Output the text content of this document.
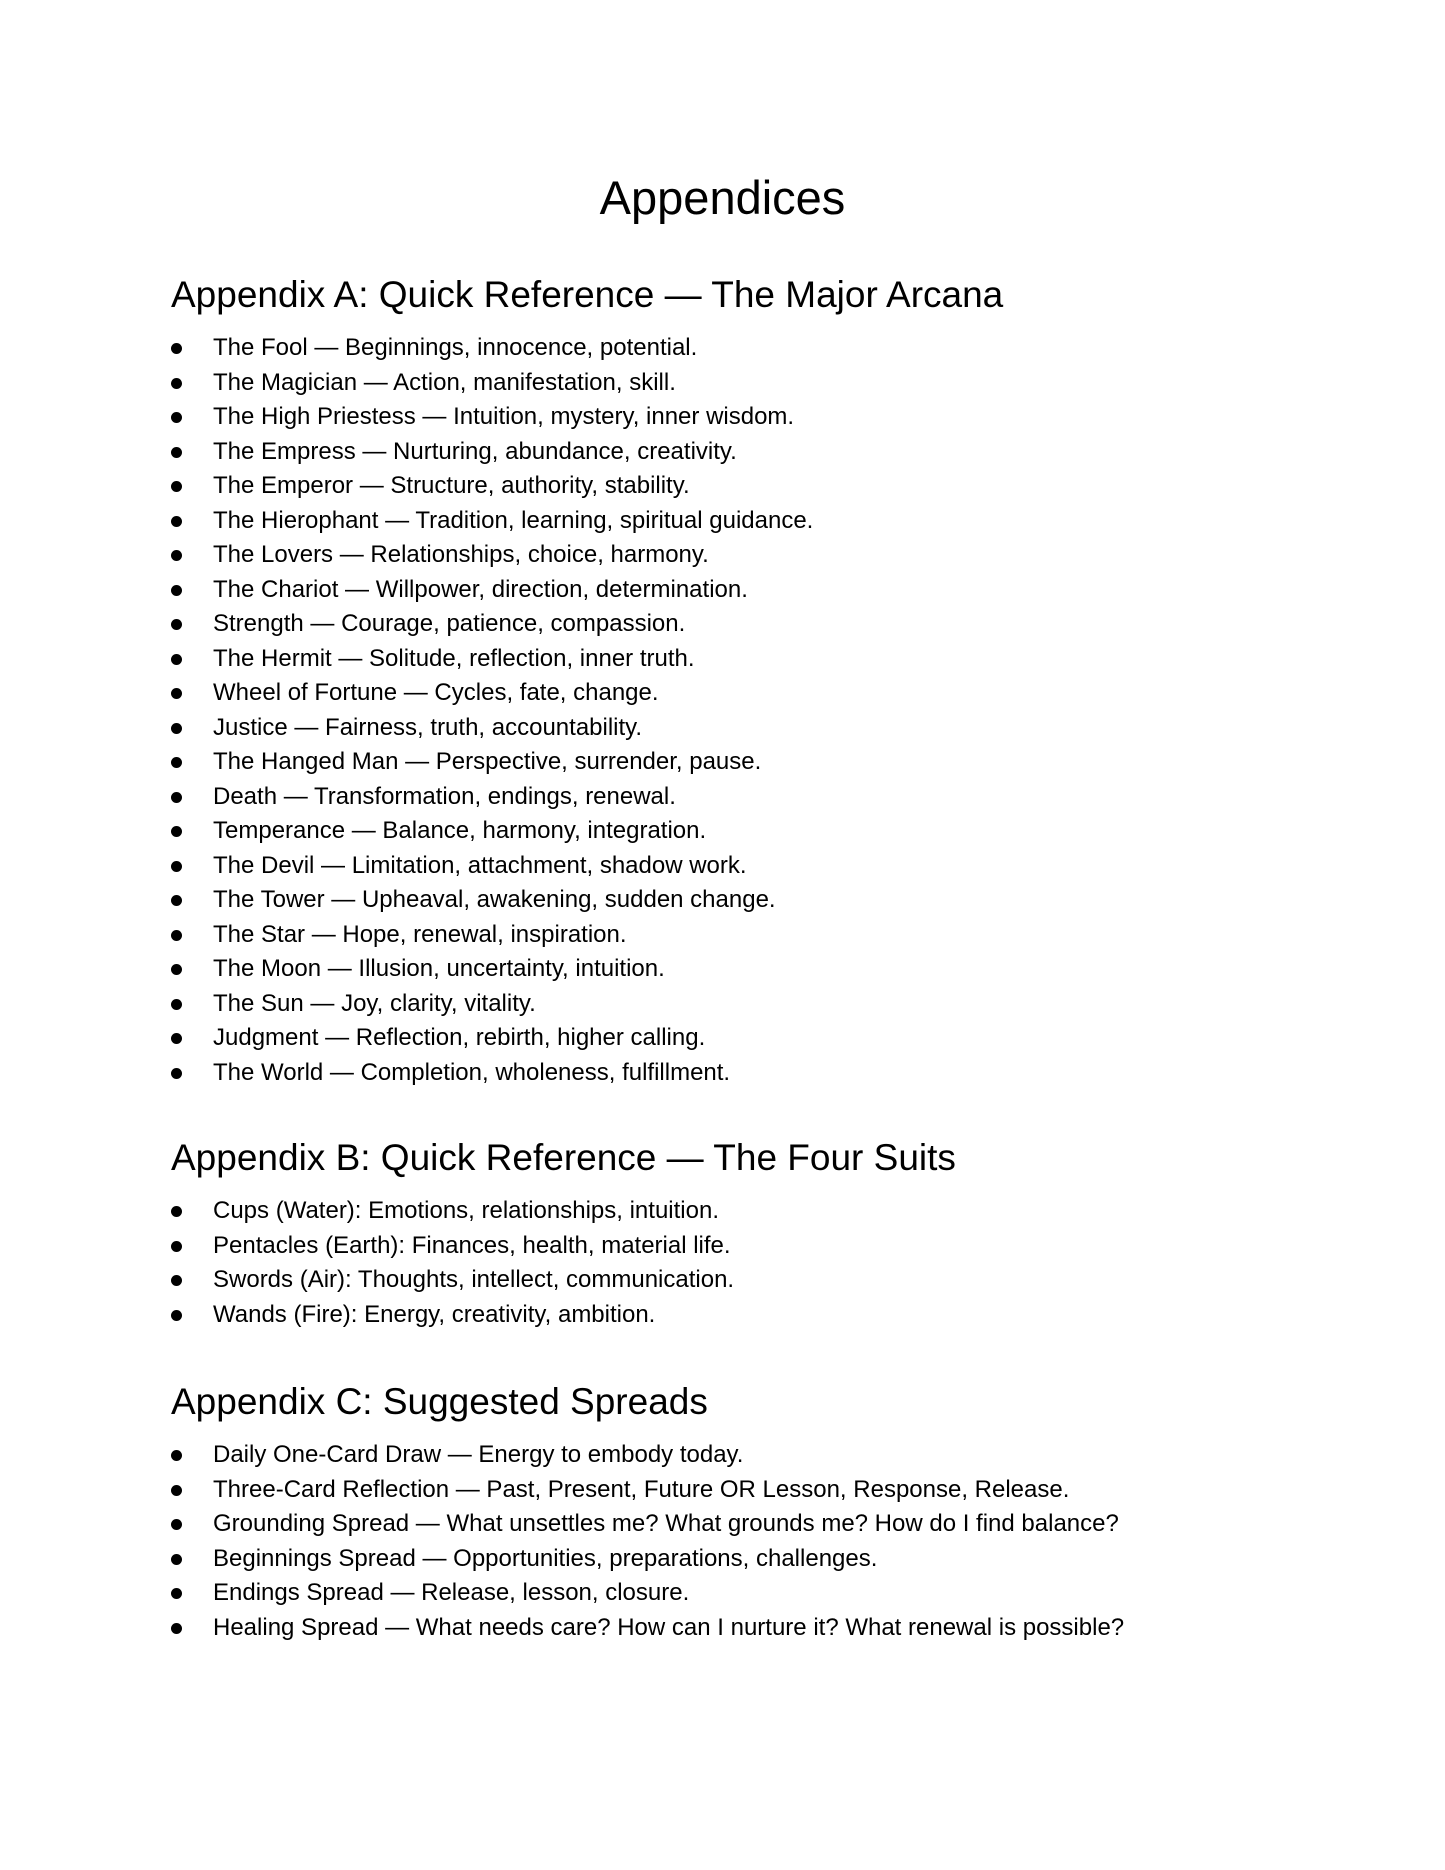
Appendices
Appendix A: Quick Reference — The Major Arcana
The Fool — Beginnings, innocence, potential.
The Magician — Action, manifestation, skill.
The High Priestess — Intuition, mystery, inner wisdom.
The Empress — Nurturing, abundance, creativity.
The Emperor — Structure, authority, stability.
The Hierophant — Tradition, learning, spiritual guidance.
The Lovers — Relationships, choice, harmony.
The Chariot — Willpower, direction, determination.
Strength — Courage, patience, compassion.
The Hermit — Solitude, reflection, inner truth.
Wheel of Fortune — Cycles, fate, change.
Justice — Fairness, truth, accountability.
The Hanged Man — Perspective, surrender, pause.
Death — Transformation, endings, renewal.
Temperance — Balance, harmony, integration.
The Devil — Limitation, attachment, shadow work.
The Tower — Upheaval, awakening, sudden change.
The Star — Hope, renewal, inspiration.
The Moon — Illusion, uncertainty, intuition.
The Sun — Joy, clarity, vitality.
Judgment — Reflection, rebirth, higher calling.
The World — Completion, wholeness, fulfillment.
Appendix B: Quick Reference — The Four Suits
Cups (Water): Emotions, relationships, intuition.
Pentacles (Earth): Finances, health, material life.
Swords (Air): Thoughts, intellect, communication.
Wands (Fire): Energy, creativity, ambition.
Appendix C: Suggested Spreads
Daily One-Card Draw — Energy to embody today.
Three-Card Reflection — Past, Present, Future OR Lesson, Response, Release.
Grounding Spread — What unsettles me? What grounds me? How do I find balance?
Beginnings Spread — Opportunities, preparations, challenges.
Endings Spread — Release, lesson, closure.
Healing Spread — What needs care? How can I nurture it? What renewal is possible?
